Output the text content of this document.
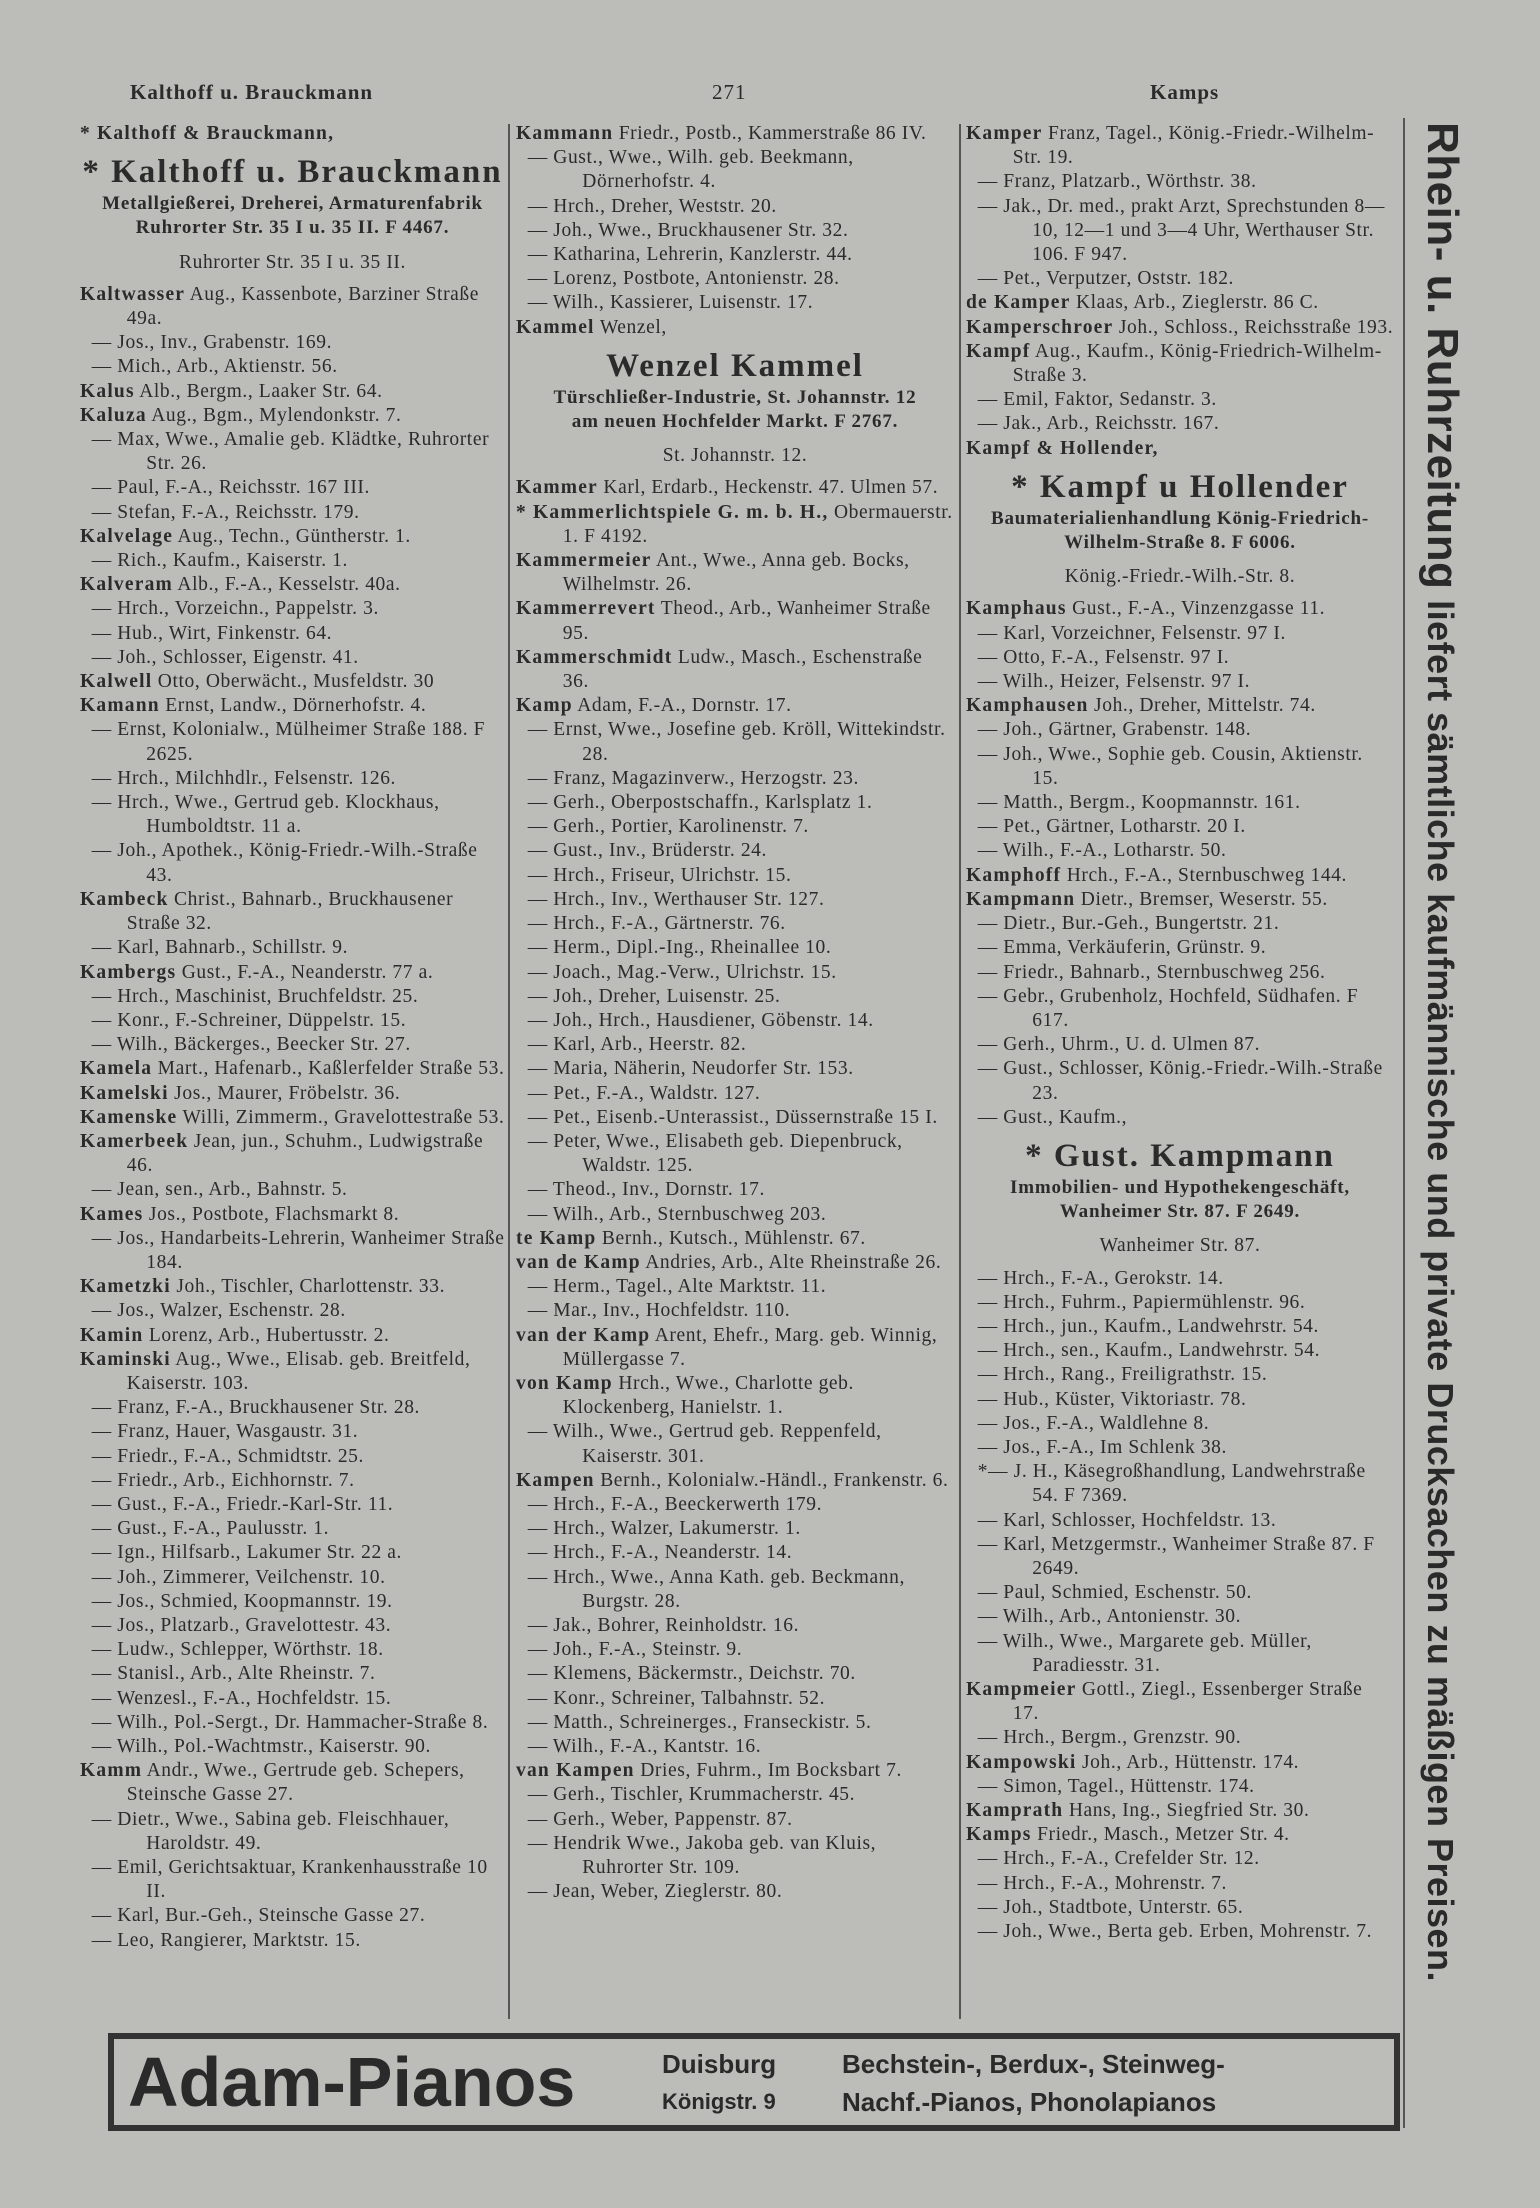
Kalthoff u. Brauckmann	271	Kamps
* Kalthoff & Brauckmann,
* Kalthoff u. Brauckmann
Metallgießerei, Dreherei, Armaturenfabrik
Ruhrorter Str. 35 I u. 35 II. F 4467.
Ruhrorter Str. 35 I u. 35 II.
Kaltwasser Aug., Kassenbote, Barziner Straße 49a.
— Jos., Inv., Grabenstr. 169.
— Mich., Arb., Aktienstr. 56.
Kalus Alb., Bergm., Laaker Str. 64.
Kaluza Aug., Bgm., Mylendonkstr. 7.
— Max, Wwe., Amalie geb. Klädtke, Ruhrorter Str. 26.
— Paul, F.-A., Reichsstr. 167 III.
— Stefan, F.-A., Reichsstr. 179.
Kalvelage Aug., Techn., Güntherstr. 1.
— Rich., Kaufm., Kaiserstr. 1.
Kalveram Alb., F.-A., Kesselstr. 40a.
— Hrch., Vorzeichn., Pappelstr. 3.
— Hub., Wirt, Finkenstr. 64.
— Joh., Schlosser, Eigenstr. 41.
Kalwell Otto, Oberwächt., Musfeldstr. 30
Kamann Ernst, Landw., Dörnerhofstr. 4.
— Ernst, Kolonialw., Mülheimer Straße 188. F 2625.
— Hrch., Milchhdlr., Felsenstr. 126.
— Hrch., Wwe., Gertrud geb. Klockhaus, Humboldtstr. 11 a.
— Joh., Apothek., König-Friedr.-Wilh.-Straße 43.
Kambeck Christ., Bahnarb., Bruckhausener Straße 32.
— Karl, Bahnarb., Schillstr. 9.
Kambergs Gust., F.-A., Neanderstr. 77 a.
— Hrch., Maschinist, Bruchfeldstr. 25.
— Konr., F.-Schreiner, Düppelstr. 15.
— Wilh., Bäckerges., Beecker Str. 27.
Kamela Mart., Hafenarb., Kaßlerfelder Straße 53.
Kamelski Jos., Maurer, Fröbelstr. 36.
Kamenske Willi, Zimmerm., Gravelottestraße 53.
Kamerbeek Jean, jun., Schuhm., Ludwigstraße 46.
— Jean, sen., Arb., Bahnstr. 5.
Kames Jos., Postbote, Flachsmarkt 8.
— Jos., Handarbeits-Lehrerin, Wanheimer Straße 184.
Kametzki Joh., Tischler, Charlottenstr. 33.
— Jos., Walzer, Eschenstr. 28.
Kamin Lorenz, Arb., Hubertusstr. 2.
Kaminski Aug., Wwe., Elisab. geb. Breitfeld, Kaiserstr. 103.
— Franz, F.-A., Bruckhausener Str. 28.
— Franz, Hauer, Wasgaustr. 31.
— Friedr., F.-A., Schmidtstr. 25.
— Friedr., Arb., Eichhornstr. 7.
— Gust., F.-A., Friedr.-Karl-Str. 11.
— Gust., F.-A., Paulusstr. 1.
— Ign., Hilfsarb., Lakumer Str. 22 a.
— Joh., Zimmerer, Veilchenstr. 10.
— Jos., Schmied, Koopmannstr. 19.
— Jos., Platzarb., Gravelottestr. 43.
— Ludw., Schlepper, Wörthstr. 18.
— Stanisl., Arb., Alte Rheinstr. 7.
— Wenzesl., F.-A., Hochfeldstr. 15.
— Wilh., Pol.-Sergt., Dr. Hammacher-Straße 8.
— Wilh., Pol.-Wachtmstr., Kaiserstr. 90.
Kamm Andr., Wwe., Gertrude geb. Schepers, Steinsche Gasse 27.
— Dietr., Wwe., Sabina geb. Fleischhauer, Haroldstr. 49.
— Emil, Gerichtsaktuar, Krankenhausstraße 10 II.
— Karl, Bur.-Geh., Steinsche Gasse 27.
— Leo, Rangierer, Marktstr. 15.
Kammann Friedr., Postb., Kammerstraße 86 IV.
— Gust., Wwe., Wilh. geb. Beekmann, Dörnerhofstr. 4.
— Hrch., Dreher, Weststr. 20.
— Joh., Wwe., Bruckhausener Str. 32.
— Katharina, Lehrerin, Kanzlerstr. 44.
— Lorenz, Postbote, Antonienstr. 28.
— Wilh., Kassierer, Luisenstr. 17.
Kammel Wenzel,
Wenzel Kammel
Türschließer-Industrie, St. Johannstr. 12
am neuen Hochfelder Markt. F 2767.
St. Johannstr. 12.
Kammer Karl, Erdarb., Heckenstr. 47. Ulmen 57.
* Kammerlichtspiele G. m. b. H., Obermauerstr. 1. F 4192.
Kammermeier Ant., Wwe., Anna geb. Bocks, Wilhelmstr. 26.
Kammerrevert Theod., Arb., Wanheimer Straße 95.
Kammerschmidt Ludw., Masch., Eschenstraße 36.
Kamp Adam, F.-A., Dornstr. 17.
— Ernst, Wwe., Josefine geb. Kröll, Wittekindstr. 28.
— Franz, Magazinverw., Herzogstr. 23.
— Gerh., Oberpostschaffn., Karlsplatz 1.
— Gerh., Portier, Karolinenstr. 7.
— Gust., Inv., Brüderstr. 24.
— Hrch., Friseur, Ulrichstr. 15.
— Hrch., Inv., Werthauser Str. 127.
— Hrch., F.-A., Gärtnerstr. 76.
— Herm., Dipl.-Ing., Rheinallee 10.
— Joach., Mag.-Verw., Ulrichstr. 15.
— Joh., Dreher, Luisenstr. 25.
— Joh., Hrch., Hausdiener, Göbenstr. 14.
— Karl, Arb., Heerstr. 82.
— Maria, Näherin, Neudorfer Str. 153.
— Pet., F.-A., Waldstr. 127.
— Pet., Eisenb.-Unterassist., Düssernstraße 15 I.
— Peter, Wwe., Elisabeth geb. Diepenbruck, Waldstr. 125.
— Theod., Inv., Dornstr. 17.
— Wilh., Arb., Sternbuschweg 203.
te Kamp Bernh., Kutsch., Mühlenstr. 67.
van de Kamp Andries, Arb., Alte Rheinstraße 26.
— Herm., Tagel., Alte Marktstr. 11.
— Mar., Inv., Hochfeldstr. 110.
van der Kamp Arent, Ehefr., Marg. geb. Winnig, Müllergasse 7.
von Kamp Hrch., Wwe., Charlotte geb. Klockenberg, Hanielstr. 1.
— Wilh., Wwe., Gertrud geb. Reppenfeld, Kaiserstr. 301.
Kampen Bernh., Kolonialw.-Händl., Frankenstr. 6.
— Hrch., F.-A., Beeckerwerth 179.
— Hrch., Walzer, Lakumerstr. 1.
— Hrch., F.-A., Neanderstr. 14.
— Hrch., Wwe., Anna Kath. geb. Beckmann, Burgstr. 28.
— Jak., Bohrer, Reinholdstr. 16.
— Joh., F.-A., Steinstr. 9.
— Klemens, Bäckermstr., Deichstr. 70.
— Konr., Schreiner, Talbahnstr. 52.
— Matth., Schreinerges., Franseckistr. 5.
— Wilh., F.-A., Kantstr. 16.
van Kampen Dries, Fuhrm., Im Bocksbart 7.
— Gerh., Tischler, Krummacherstr. 45.
— Gerh., Weber, Pappenstr. 87.
— Hendrik Wwe., Jakoba geb. van Kluis, Ruhrorter Str. 109.
— Jean, Weber, Zieglerstr. 80.
Kamper Franz, Tagel., König.-Friedr.-Wilhelm-Str. 19.
— Franz, Platzarb., Wörthstr. 38.
— Jak., Dr. med., prakt Arzt, Sprechstunden 8—10, 12—1 und 3—4 Uhr, Werthauser Str. 106. F 947.
— Pet., Verputzer, Oststr. 182.
de Kamper Klaas, Arb., Zieglerstr. 86 C.
Kamperschroer Joh., Schloss., Reichsstraße 193.
Kampf Aug., Kaufm., König-Friedrich-Wilhelm-Straße 3.
— Emil, Faktor, Sedanstr. 3.
— Jak., Arb., Reichsstr. 167.
Kampf & Hollender,
* Kampf u Hollender
Baumaterialienhandlung König-Friedrich-
Wilhelm-Straße 8. F 6006.
König.-Friedr.-Wilh.-Str. 8.
Kamphaus Gust., F.-A., Vinzenzgasse 11.
— Karl, Vorzeichner, Felsenstr. 97 I.
— Otto, F.-A., Felsenstr. 97 I.
— Wilh., Heizer, Felsenstr. 97 I.
Kamphausen Joh., Dreher, Mittelstr. 74.
— Joh., Gärtner, Grabenstr. 148.
— Joh., Wwe., Sophie geb. Cousin, Aktienstr. 15.
— Matth., Bergm., Koopmannstr. 161.
— Pet., Gärtner, Lotharstr. 20 I.
— Wilh., F.-A., Lotharstr. 50.
Kamphoff Hrch., F.-A., Sternbuschweg 144.
Kampmann Dietr., Bremser, Weserstr. 55.
— Dietr., Bur.-Geh., Bungertstr. 21.
— Emma, Verkäuferin, Grünstr. 9.
— Friedr., Bahnarb., Sternbuschweg 256.
— Gebr., Grubenholz, Hochfeld, Südhafen. F 617.
— Gerh., Uhrm., U. d. Ulmen 87.
— Gust., Schlosser, König.-Friedr.-Wilh.-Straße 23.
— Gust., Kaufm.,
* Gust. Kampmann
Immobilien- und Hypothekengeschäft,
Wanheimer Str. 87. F 2649.
Wanheimer Str. 87.
— Hrch., F.-A., Gerokstr. 14.
— Hrch., Fuhrm., Papiermühlenstr. 96.
— Hrch., jun., Kaufm., Landwehrstr. 54.
— Hrch., sen., Kaufm., Landwehrstr. 54.
— Hrch., Rang., Freiligrathstr. 15.
— Hub., Küster, Viktoriastr. 78.
— Jos., F.-A., Waldlehne 8.
— Jos., F.-A., Im Schlenk 38.
*— J. H., Käsegroßhandlung, Landwehrstraße 54. F 7369.
— Karl, Schlosser, Hochfeldstr. 13.
— Karl, Metzgermstr., Wanheimer Straße 87. F 2649.
— Paul, Schmied, Eschenstr. 50.
— Wilh., Arb., Antonienstr. 30.
— Wilh., Wwe., Margarete geb. Müller, Paradiesstr. 31.
Kampmeier Gottl., Ziegl., Essenberger Straße 17.
— Hrch., Bergm., Grenzstr. 90.
Kampowski Joh., Arb., Hüttenstr. 174.
— Simon, Tagel., Hüttenstr. 174.
Kamprath Hans, Ing., Siegfried Str. 30.
Kamps Friedr., Masch., Metzer Str. 4.
— Hrch., F.-A., Crefelder Str. 12.
— Hrch., F.-A., Mohrenstr. 7.
— Joh., Stadtbote, Unterstr. 65.
— Joh., Wwe., Berta geb. Erben, Mohrenstr. 7.
Rhein- u. Ruhrzeitung liefert sämtliche kaufmännische und private Drucksachen zu mäßigen Preisen.
Adam-Pianos	Duisburg
Königstr. 9
Bechstein-, Berdux-, Steinweg-
Nachf.-Pianos, Phonolapianos
